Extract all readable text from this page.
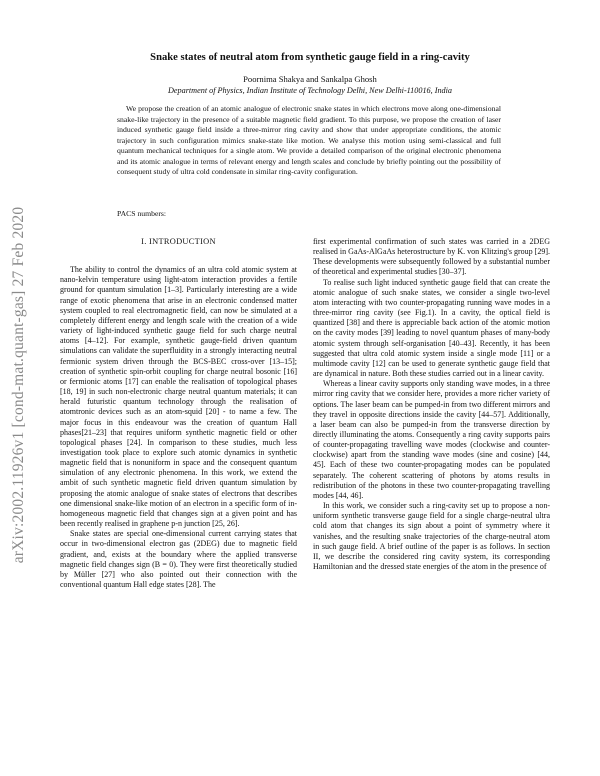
arXiv:2002.11926v1 [cond-mat.quant-gas] 27 Feb 2020
Snake states of neutral atom from synthetic gauge field in a ring-cavity
Poornima Shakya and Sankalpa Ghosh
Department of Physics, Indian Institute of Technology Delhi, New Delhi-110016, India
We propose the creation of an atomic analogue of electronic snake states in which electrons move along one-dimensional snake-like trajectory in the presence of a suitable magnetic field gradient. To this purpose, we propose the creation of laser induced synthetic gauge field inside a three-mirror ring cavity and show that under appropriate conditions, the atomic trajectory in such configuration mimics snake-state like motion. We analyse this motion using semi-classical and full quantum mechanical techniques for a single atom. We provide a detailed comparison of the original electronic phenomena and its atomic analogue in terms of relevant energy and length scales and conclude by briefly pointing out the possibility of consequent study of ultra cold condensate in similar ring-cavity configuration.
PACS numbers:
I. INTRODUCTION

The ability to control the dynamics of an ultra cold atomic system at nano-kelvin temperature using light-atom interaction provides a fertile ground for quantum simulation [1–3]. Particularly interesting are a wide range of exotic phenomena that arise in an electronic condensed matter system coupled to real electromagnetic field, can now be simulated at a completely different energy and length scale with the creation of a wide variety of light-induced synthetic gauge field for such charge neutral atoms [4–12]. For example, synthetic gauge-field driven quantum simulations can validate the superfluidity in a strongly interacting neutral fermionic system driven through the BCS-BEC cross-over [13–15]; creation of synthetic spin-orbit coupling for charge neutral bosonic [16] or fermionic atoms [17] can enable the realisation of topological phases [18, 19] in such non-electronic charge neutral quantum materials; it can herald futuristic quantum technology through the realisation of atomtronic devices such as an atom-squid [20] - to name a few. The major focus in this endeavour was the creation of quantum Hall phases[21–23] that requires uniform synthetic magnetic field or other topological phases [24]. In comparison to these studies, much less investigation took place to explore such atomic dynamics in synthetic magnetic field that is nonuniform in space and the consequent quantum simulation of any electronic phenomena. In this work, we extend the ambit of such synthetic magnetic field driven quantum simulation by proposing the atomic analogue of snake states of electrons that describes one dimensional snake-like motion of an electron in a specific form of in-homogeneous magnetic field that changes sign at a given point and has been recently realised in graphene p-n junction [25, 26].

Snake states are special one-dimensional current carrying states that occur in two-dimensional electron gas (2DEG) due to magnetic field gradient, and, exists at the boundary where the applied transverse magnetic field changes sign (B = 0). They were first theoretically studied by Müller [27] who also pointed out their connection with the conventional quantum Hall edge states [28]. The

first experimental confirmation of such states was carried in a 2DEG realised in GaAs-AlGaAs heterostructure by K. von Klitzing's group [29]. These developments were subsequently followed by a substantial number of theoretical and experimental studies [30–37].

To realise such light induced synthetic gauge field that can create the atomic analogue of such snake states, we consider a single two-level atom interacting with two counter-propagating running wave modes in a three-mirror ring cavity (see Fig.1). In a cavity, the optical field is quantized [38] and there is appreciable back action of the atomic motion on the cavity modes [39] leading to novel quantum phases of many-body atomic system through self-organisation [40–43]. Recently, it has been suggested that ultra cold atomic system inside a single mode [11] or a multimode cavity [12] can be used to generate synthetic gauge field that are dynamical in nature. Both these studies carried out in a linear cavity.

Whereas a linear cavity supports only standing wave modes, in a three mirror ring cavity that we consider here, provides a more richer variety of options. The laser beam can be pumped-in from two different mirrors and they travel in opposite directions inside the cavity [44–57]. Additionally, a laser beam can also be pumped-in from the transverse direction by directly illuminating the atoms. Consequently a ring cavity supports pairs of counter-propagating travelling wave modes (clockwise and counter-clockwise) apart from the standing wave modes (sine and cosine) [44, 45]. Each of these two counter-propagating modes can be populated separately. The coherent scattering of photons by atoms results in redistribution of the photons in these two counter-propagating travelling modes [44, 46].

In this work, we consider such a ring-cavity set up to propose a non-uniform synthetic transverse gauge field for a single charge-neutral ultra cold atom that changes its sign about a point of symmetry where it vanishes, and the resulting snake trajectories of the charge-neutral atom in such gauge field. A brief outline of the paper is as follows. In section II, we describe the considered ring cavity system, its corresponding Hamiltonian and the dressed state energies of the atom in the presence of
